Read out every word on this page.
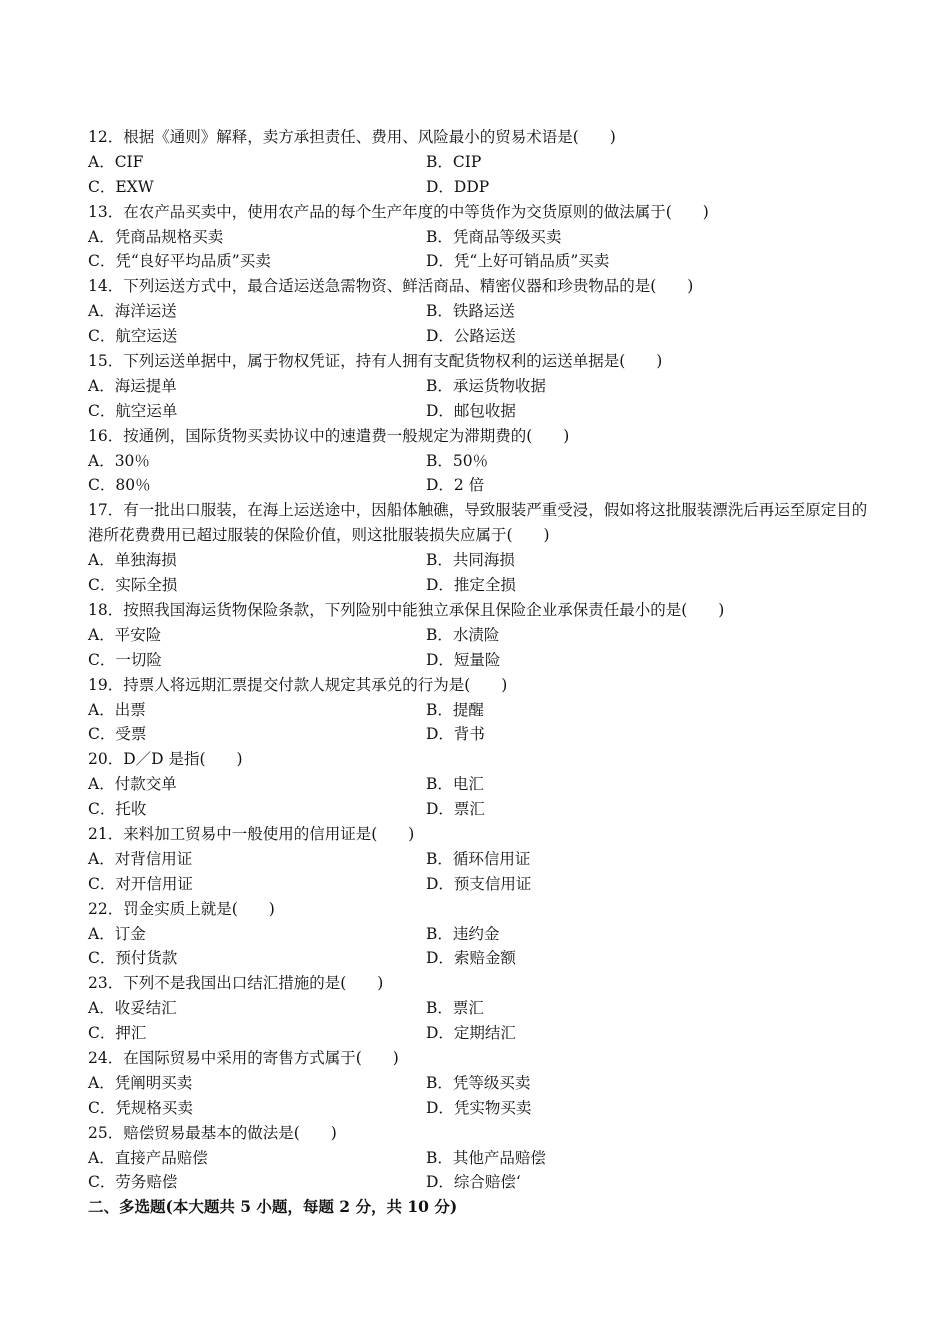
12．根据《通则》解释，卖方承担责任、费用、风险最小的贸易术语是(　　)
A．CIF	B．CIP
C．EXW	D．DDP
13．在农产品买卖中，使用农产品的每个生产年度的中等货作为交货原则的做法属于(　　)
A．凭商品规格买卖	B．凭商品等级买卖
C．凭“良好平均品质”买卖	D．凭“上好可销品质”买卖
14．下列运送方式中，最合适运送急需物资、鲜活商品、精密仪器和珍贵物品的是(　　)
A．海洋运送	B．铁路运送
C．航空运送	D．公路运送
15．下列运送单据中，属于物权凭证，持有人拥有支配货物权利的运送单据是(　　)
A．海运提单	B．承运货物收据
C．航空运单	D．邮包收据
16．按通例，国际货物买卖协议中的速遣费一般规定为滞期费的(　　)
A．30％	B．50％
C．80％	D．2 倍
17．有一批出口服装，在海上运送途中，因船体触礁，导致服装严重受浸，假如将这批服装漂洗后再运至原定目的港所花费费用已超过服装的保险价值，则这批服装损失应属于(　　)
A．单独海损	B．共同海损
C．实际全损	D．推定全损
18．按照我国海运货物保险条款，下列险别中能独立承保且保险企业承保责任最小的是(　　)
A．平安险	B．水渍险
C．一切险	D．短量险
19．持票人将远期汇票提交付款人规定其承兑的行为是(　　)
A．出票	B．提醒
C．受票	D．背书
20．D／D 是指(　　)
A．付款交单	B．电汇
C．托收	D．票汇
21．来料加工贸易中一般使用的信用证是(　　)
A．对背信用证	B．循环信用证
C．对开信用证	D．预支信用证
22．罚金实质上就是(　　)
A．订金	B．违约金
C．预付货款	D．索赔金额
23．下列不是我国出口结汇措施的是(　　)
A．收妥结汇	B．票汇
C．押汇	D．定期结汇
24．在国际贸易中采用的寄售方式属于(　　)
A．凭阐明买卖	B．凭等级买卖
C．凭规格买卖	D．凭实物买卖
25．赔偿贸易最基本的做法是(　　)
A．直接产品赔偿	B．其他产品赔偿
C．劳务赔偿	D．综合赔偿‘
二、多选题(本大题共 5 小题，每题 2 分，共 10 分)
